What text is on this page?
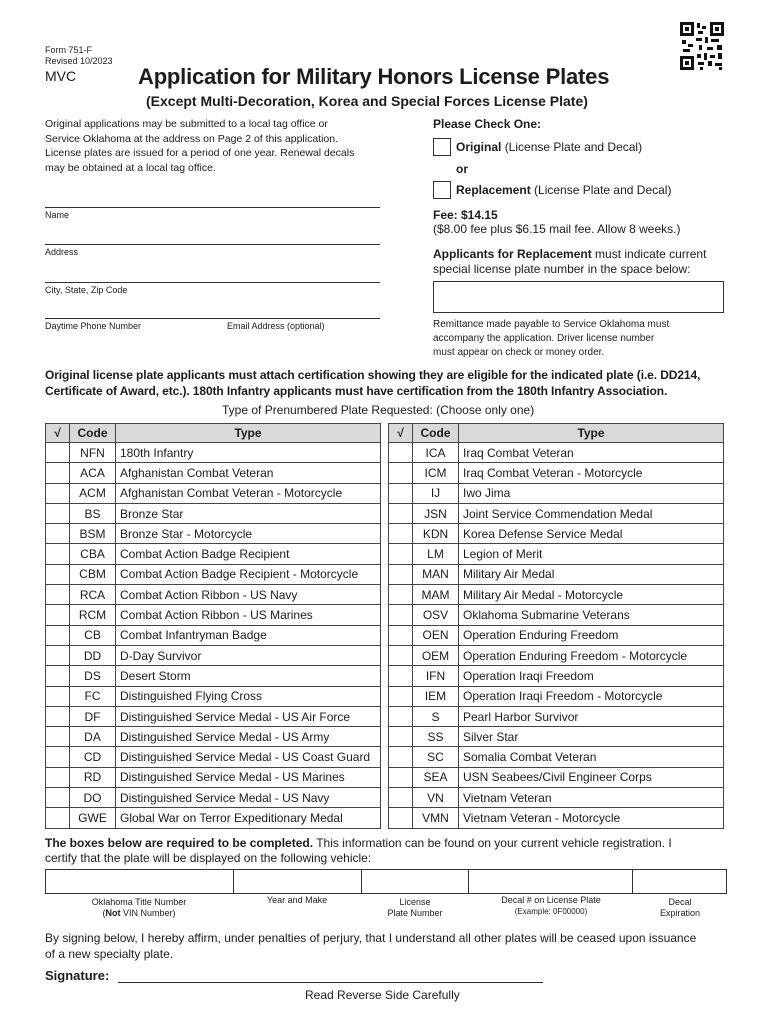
Form 751-F
Revised 10/2023
MVC	Application for Military Honors License Plates
(Except Multi-Decoration, Korea and Special Forces License Plate)
Original applications may be submitted to a local tag office or
Service Oklahoma at the address on Page 2 of this application.
License plates are issued for a period of one year. Renewal decals
may be obtained at a local tag office.
Name
Address
City, State, Zip Code
Daytime Phone Number	Email Address (optional)
Please Check One:
Original (License Plate and Decal)
or
Replacement (License Plate and Decal)
Fee: $14.15
($8.00 fee plus $6.15 mail fee. Allow 8 weeks.)
Applicants for Replacement must indicate current
special license plate number in the space below:
Remittance made payable to Service Oklahoma must
accompany the application. Driver license number
must appear on check or money order.
Original license plate applicants must attach certification showing they are eligible for the indicated plate (i.e. DD214,
Certificate of Award, etc.). 180th Infantry applicants must have certification from the 180th Infantry Association.
Type of Prenumbered Plate Requested: (Choose only one)
√	Code	Type
	NFN	180th Infantry
	ACA	Afghanistan Combat Veteran
	ACM	Afghanistan Combat Veteran - Motorcycle
	BS	Bronze Star
	BSM	Bronze Star - Motorcycle
	CBA	Combat Action Badge Recipient
	CBM	Combat Action Badge Recipient - Motorcycle
	RCA	Combat Action Ribbon - US Navy
	RCM	Combat Action Ribbon - US Marines
	CB	Combat Infantryman Badge
	DD	D-Day Survivor
	DS	Desert Storm
	FC	Distinguished Flying Cross
	DF	Distinguished Service Medal - US Air Force
	DA	Distinguished Service Medal - US Army
	CD	Distinguished Service Medal - US Coast Guard
	RD	Distinguished Service Medal - US Marines
	DO	Distinguished Service Medal - US Navy
	GWE	Global War on Terror Expeditionary Medal
√	Code	Type
	ICA	Iraq Combat Veteran
	ICM	Iraq Combat Veteran - Motorcycle
	IJ	Iwo Jima
	JSN	Joint Service Commendation Medal
	KDN	Korea Defense Service Medal
	LM	Legion of Merit
	MAN	Military Air Medal
	MAM	Military Air Medal - Motorcycle
	OSV	Oklahoma Submarine Veterans
	OEN	Operation Enduring Freedom
	OEM	Operation Enduring Freedom - Motorcycle
	IFN	Operation Iraqi Freedom
	IEM	Operation Iraqi Freedom - Motorcycle
	S	Pearl Harbor Survivor
	SS	Silver Star
	SC	Somalia Combat Veteran
	SEA	USN Seabees/Civil Engineer Corps
	VN	Vietnam Veteran
	VMN	Vietnam Veteran - Motorcycle
The boxes below are required to be completed. This information can be found on your current vehicle registration. I
certify that the plate will be displayed on the following vehicle:

Oklahoma Title Number
(Not VIN Number)
Year and Make	License
Plate Number
Decal # on License Plate
(Example: 0F00000)
Decal
Expiration
By signing below, I hereby affirm, under penalties of perjury, that I understand all other plates will be ceased upon issuance
of a new specialty plate.
Signature:
Read Reverse Side Carefully
